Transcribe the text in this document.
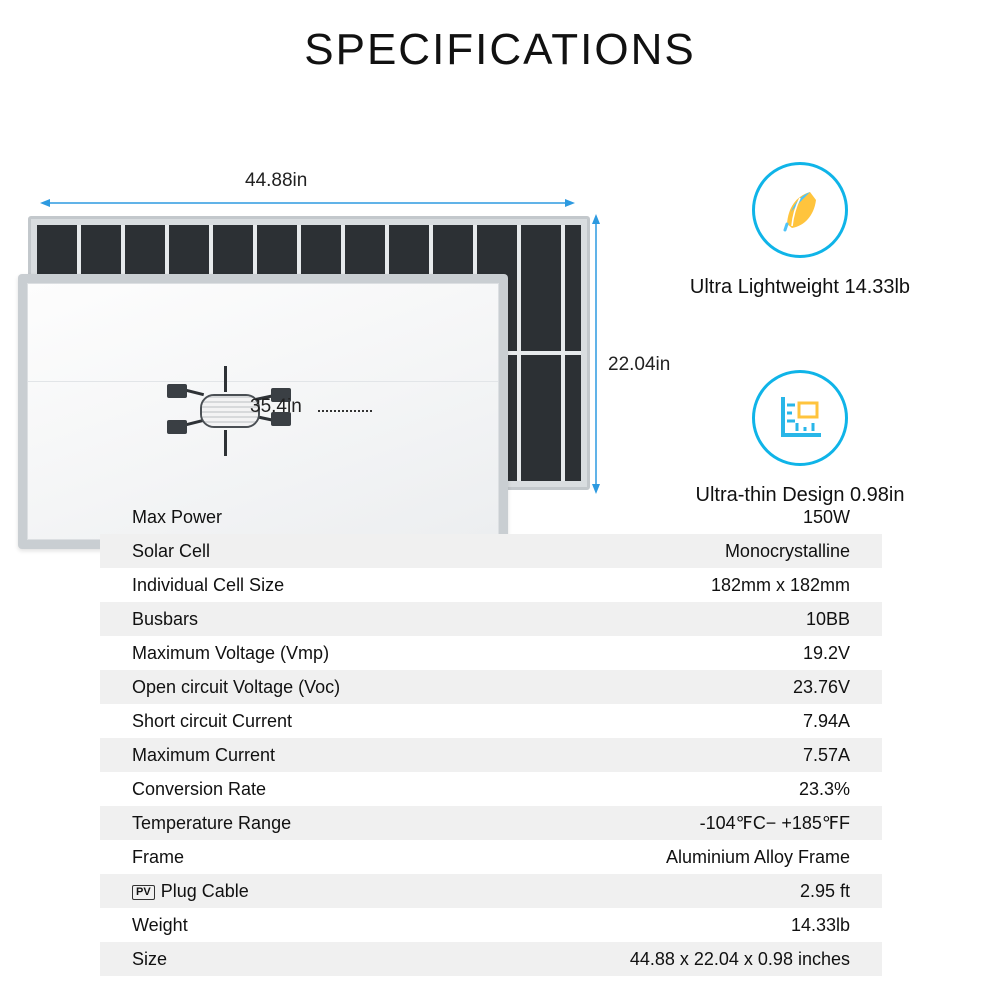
SPECIFICATIONS
44.88in
22.04in
35.4in
Ultra Lightweight 14.33lb
Ultra-thin Design 0.98in
Max Power	150W
Solar Cell	Monocrystalline
Individual Cell Size	182mm x 182mm
Busbars	10BB
Maximum Voltage (Vmp)	19.2V
Open circuit Voltage (Voc)	23.76V
Short circuit Current	7.94A
Maximum Current	7.57A
Conversion Rate	23.3%
Temperature Range	-104℉C− +185℉F
Frame	Aluminium Alloy Frame
PV Plug Cable	2.95 ft
Weight	14.33lb
Size	44.88 x 22.04 x 0.98 inches
